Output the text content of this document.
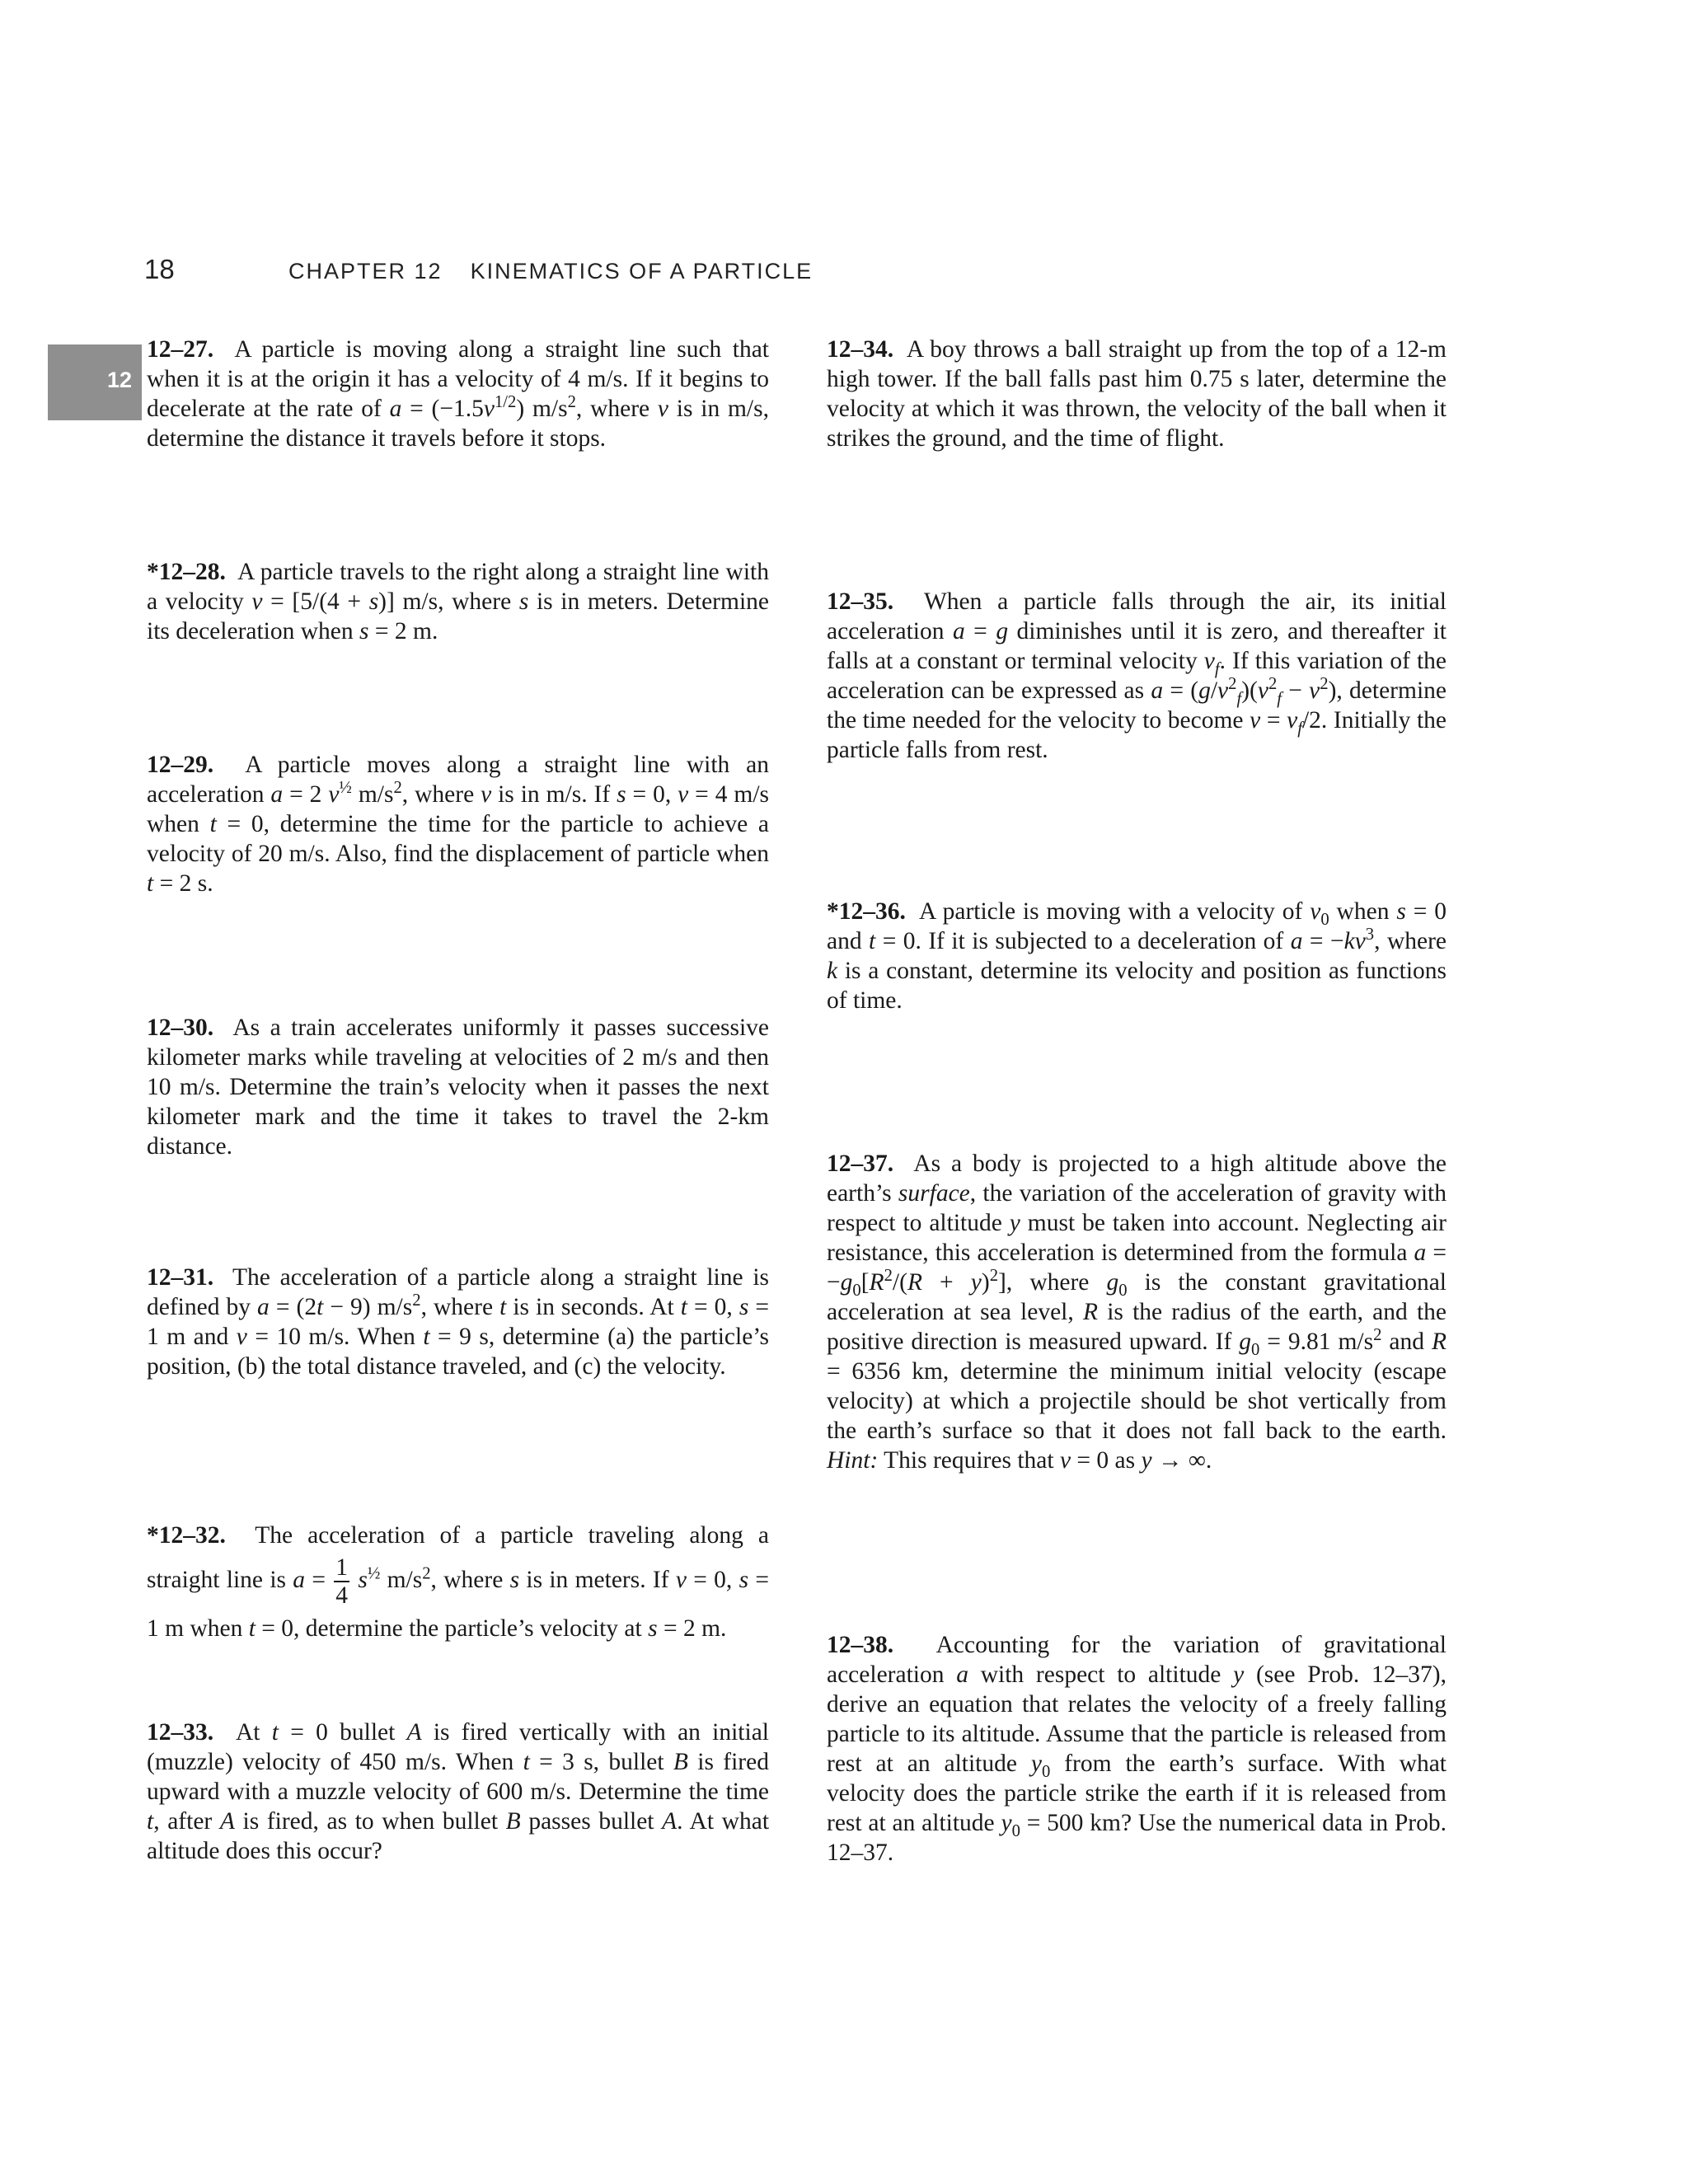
18	CHAPTER 12 KINEMATICS OF A PARTICLE
12
12–27.  A particle is moving along a straight line such that when it is at the origin it has a velocity of 4 m/s. If it begins to decelerate at the rate of $a = (-1.5v^{1/2})$ $m/s^2$, where v is in m/s, determine the distance it travels before it stops.
*12–28.  A particle travels to the right along a straight line with a velocity v = [5/(4 + s)] m/s, where s is in meters. Determine its deceleration when s = 2 m.
12–29.  A particle moves along a straight line with an acceleration a = 2 $v^{\frac{1}{2}}$ $m/s^2$, where v is in m/s. If s = 0, v = 4 m/s when t = 0, determine the time for the particle to achieve a velocity of 20 m/s. Also, find the displacement of particle when t = 2 s.
12–30.  As a train accelerates uniformly it passes successive kilometer marks while traveling at velocities of 2 m/s and then 10 m/s. Determine the train’s velocity when it passes the next kilometer mark and the time it takes to travel the 2-km distance.
12–31.  The acceleration of a particle along a straight line is defined by a = (2t − 9) $m/s^2$, where t is in seconds. At t = 0, s = 1 m and v = 10 m/s. When t = 9 s, determine (a) the particle’s position, (b) the total distance traveled, and (c) the velocity.
*12–32.  The acceleration of a particle traveling along a straight line is $a = \frac{1}{4} s^{\frac{1}{2}}$ $m/s^2$, where s is in meters. If v = 0, s = 1 m when t = 0, determine the particle’s velocity at s = 2 m.
12–33.  At t = 0 bullet A is fired vertically with an initial (muzzle) velocity of 450 m/s. When t = 3 s, bullet B is fired upward with a muzzle velocity of 600 m/s. Determine the time t, after A is fired, as to when bullet B passes bullet A. At what altitude does this occur?
12–34.  A boy throws a ball straight up from the top of a 12-m high tower. If the ball falls past him 0.75 s later, determine the velocity at which it was thrown, the velocity of the ball when it strikes the ground, and the time of flight.
12–35.  When a particle falls through the air, its initial acceleration a = g diminishes until it is zero, and thereafter it falls at a constant or terminal velocity $v_f$. If this variation of the acceleration can be expressed as $a = (g/v^2_f)(v^2_f - v^2)$, determine the time needed for the velocity to become $v = v_f/2$. Initially the particle falls from rest.
*12–36.  A particle is moving with a velocity of $v_0$ when s = 0 and t = 0. If it is subjected to a deceleration of $a = -kv^3$, where k is a constant, determine its velocity and position as functions of time.
12–37.  As a body is projected to a high altitude above the earth’s surface, the variation of the acceleration of gravity with respect to altitude y must be taken into account. Neglecting air resistance, this acceleration is determined from the formula $a = -g_0[R^2/(R + y)^2]$, where $g_0$ is the constant gravitational acceleration at sea level, R is the radius of the earth, and the positive direction is measured upward. If $g_0 = 9.81$ $m/s^2$ and R = 6356 km, determine the minimum initial velocity (escape velocity) at which a projectile should be shot vertically from the earth’s surface so that it does not fall back to the earth. Hint: This requires that v = 0 as y → ∞.
12–38.  Accounting for the variation of gravitational acceleration a with respect to altitude y (see Prob. 12–37), derive an equation that relates the velocity of a freely falling particle to its altitude. Assume that the particle is released from rest at an altitude $y_0$ from the earth’s surface. With what velocity does the particle strike the earth if it is released from rest at an altitude $y_0 = 500$ km? Use the numerical data in Prob. 12–37.
